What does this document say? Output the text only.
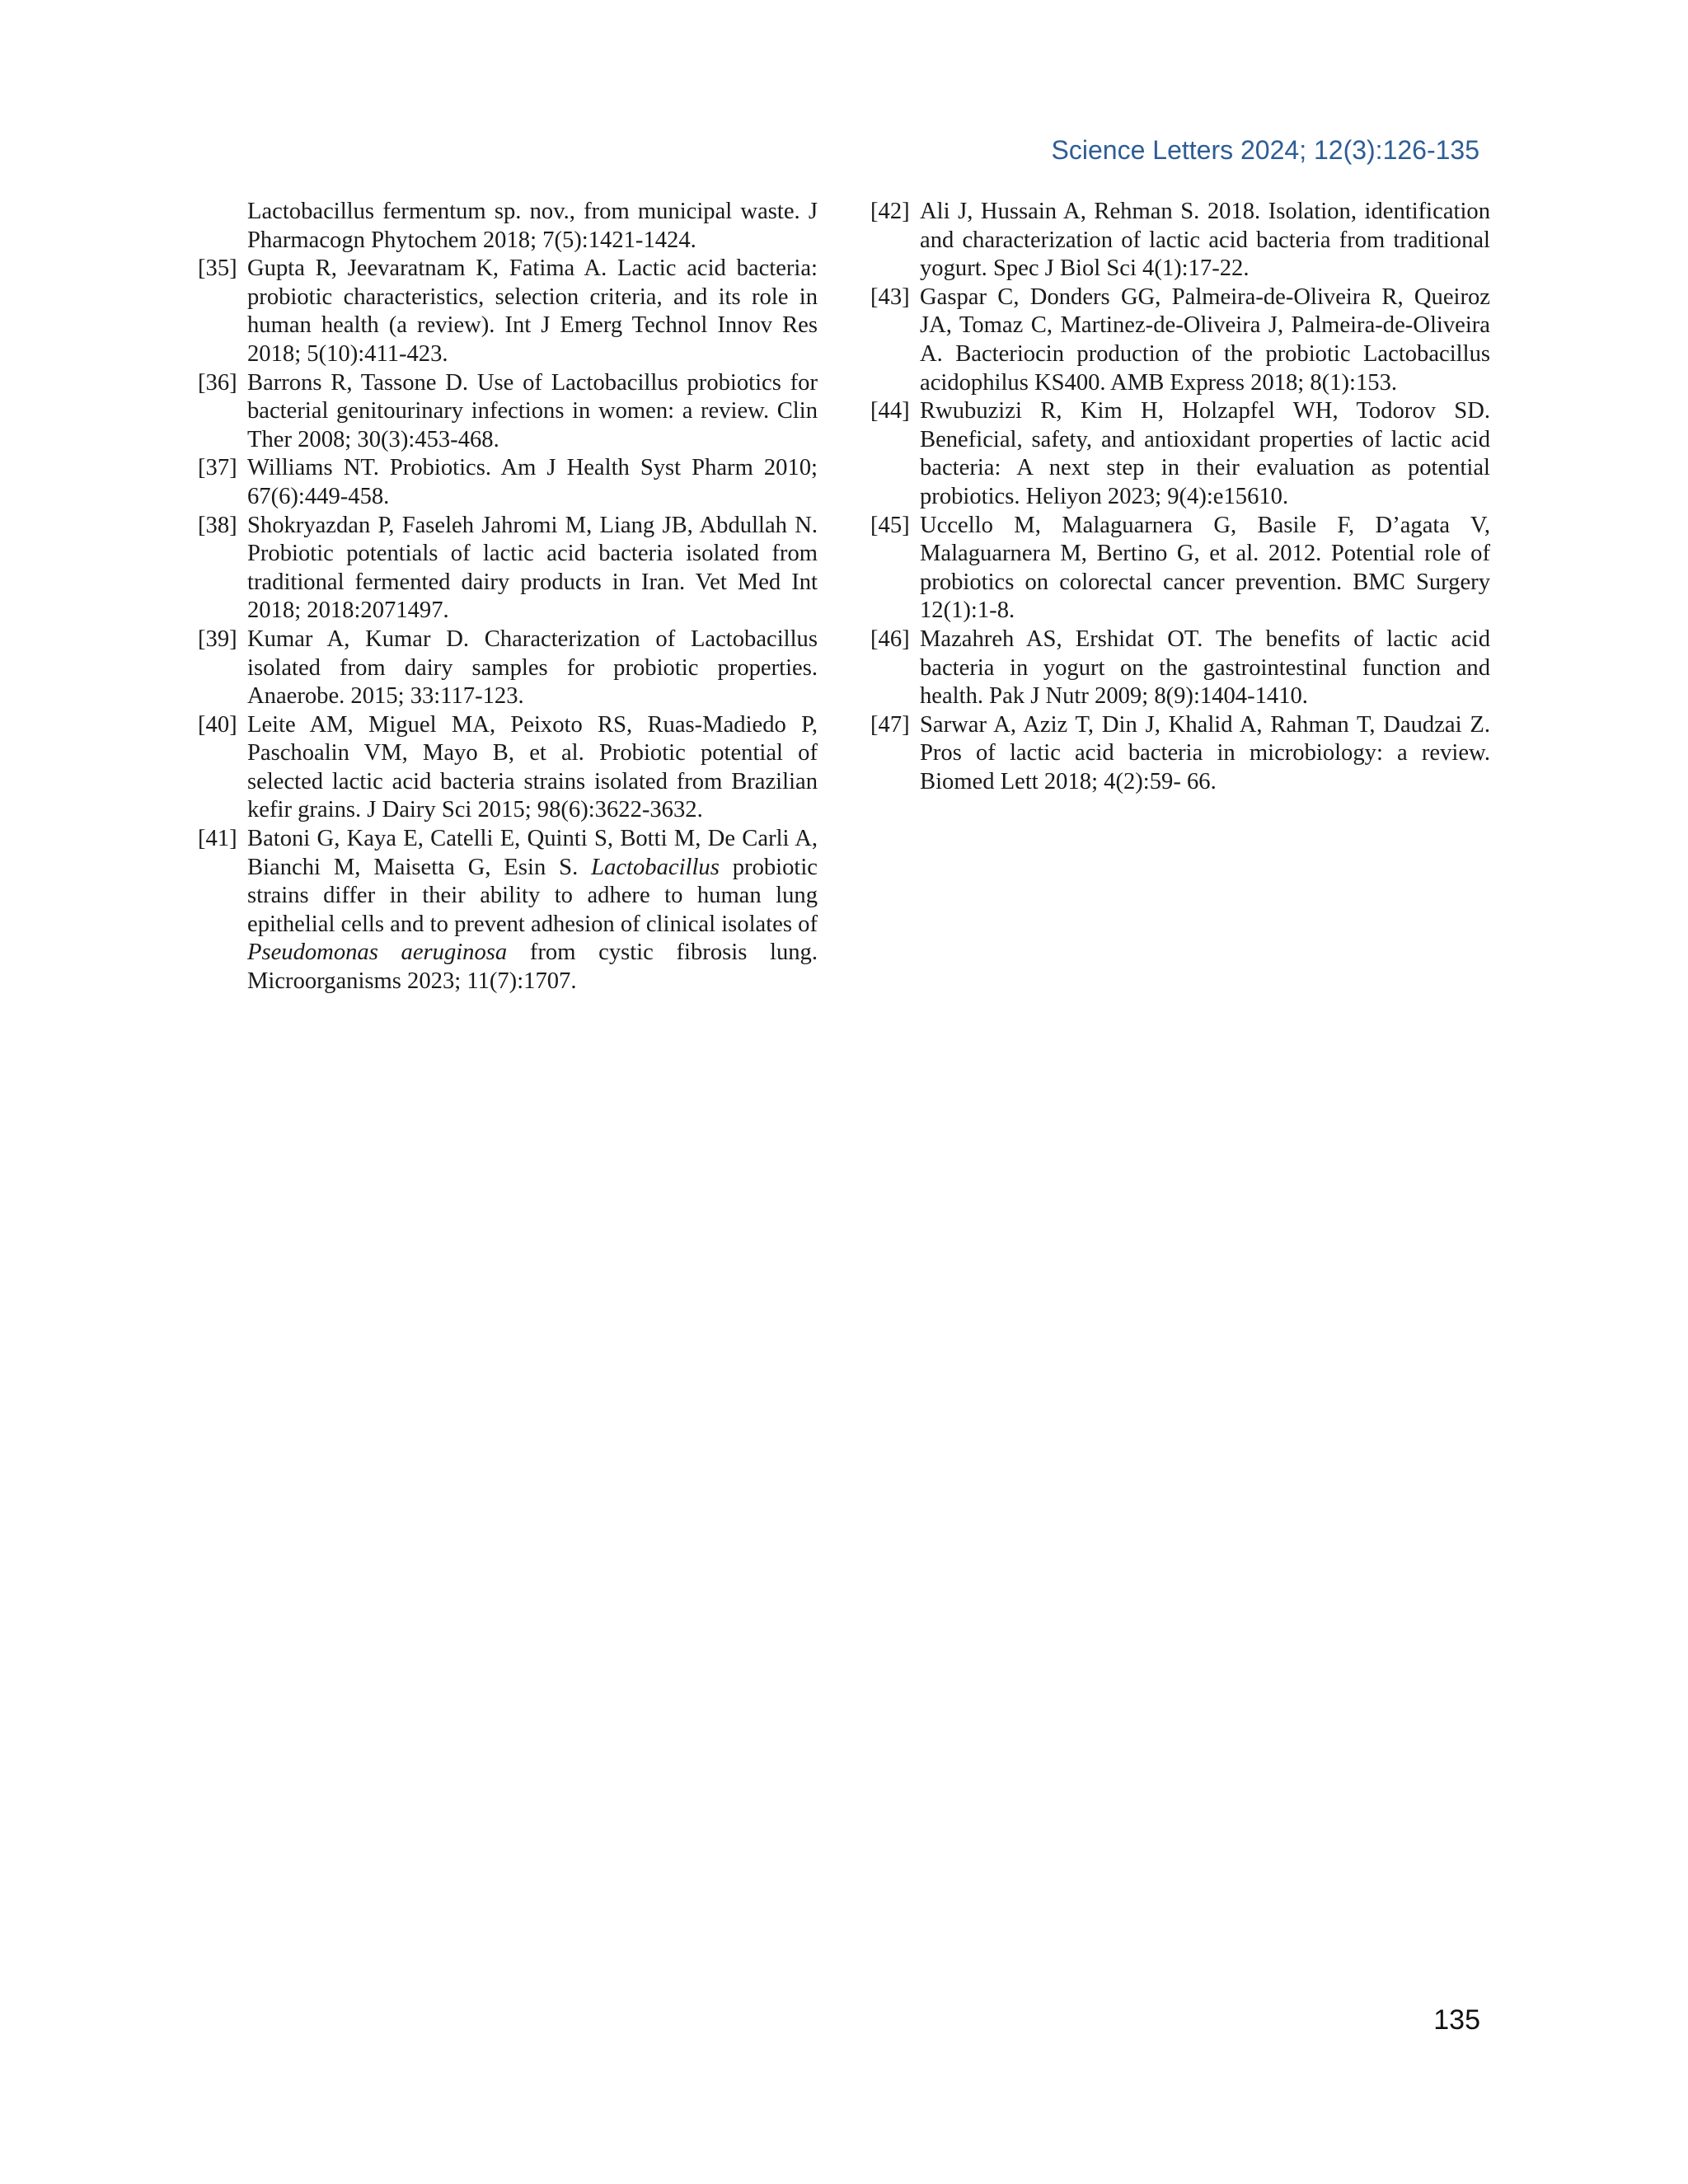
Science Letters 2024; 12(3):126-135

Lactobacillus fermentum sp. nov., from municipal waste. J Pharmacogn Phytochem 2018; 7(5):1421-1424.

[35] Gupta R, Jeevaratnam K, Fatima A. Lactic acid bacteria: probiotic characteristics, selection criteria, and its role in human health (a review). Int J Emerg Technol Innov Res 2018; 5(10):411-423.

[36] Barrons R, Tassone D. Use of Lactobacillus probiotics for bacterial genitourinary infections in women: a review. Clin Ther 2008; 30(3):453-468.

[37] Williams NT. Probiotics. Am J Health Syst Pharm 2010; 67(6):449-458.

[38] Shokryazdan P, Faseleh Jahromi M, Liang JB, Abdullah N. Probiotic potentials of lactic acid bacteria isolated from traditional fermented dairy products in Iran. Vet Med Int 2018; 2018:2071497.

[39] Kumar A, Kumar D. Characterization of Lactobacillus isolated from dairy samples for probiotic properties. Anaerobe. 2015; 33:117-123.

[40] Leite AM, Miguel MA, Peixoto RS, Ruas-Madiedo P, Paschoalin VM, Mayo B, et al. Probiotic potential of selected lactic acid bacteria strains isolated from Brazilian kefir grains. J Dairy Sci 2015; 98(6):3622-3632.

[41] Batoni G, Kaya E, Catelli E, Quinti S, Botti M, De Carli A, Bianchi M, Maisetta G, Esin S. Lactobacillus probiotic strains differ in their ability to adhere to human lung epithelial cells and to prevent adhesion of clinical isolates of Pseudomonas aeruginosa from cystic fibrosis lung. Microorganisms 2023; 11(7):1707.

[42] Ali J, Hussain A, Rehman S. 2018. Isolation, identification and characterization of lactic acid bacteria from traditional yogurt. Spec J Biol Sci 4(1):17-22.

[43] Gaspar C, Donders GG, Palmeira-de-Oliveira R, Queiroz JA, Tomaz C, Martinez-de-Oliveira J, Palmeira-de-Oliveira A. Bacteriocin production of the probiotic Lactobacillus acidophilus KS400. AMB Express 2018; 8(1):153.

[44] Rwubuzizi R, Kim H, Holzapfel WH, Todorov SD. Beneficial, safety, and antioxidant properties of lactic acid bacteria: A next step in their evaluation as potential probiotics. Heliyon 2023; 9(4):e15610.

[45] Uccello M, Malaguarnera G, Basile F, D’agata V, Malaguarnera M, Bertino G, et al. 2012. Potential role of probiotics on colorectal cancer prevention. BMC Surgery 12(1):1-8.

[46] Mazahreh AS, Ershidat OT. The benefits of lactic acid bacteria in yogurt on the gastrointestinal function and health. Pak J Nutr 2009; 8(9):1404-1410.

[47] Sarwar A, Aziz T, Din J, Khalid A, Rahman T, Daudzai Z. Pros of lactic acid bacteria in microbiology: a review. Biomed Lett 2018; 4(2):59- 66.

135
